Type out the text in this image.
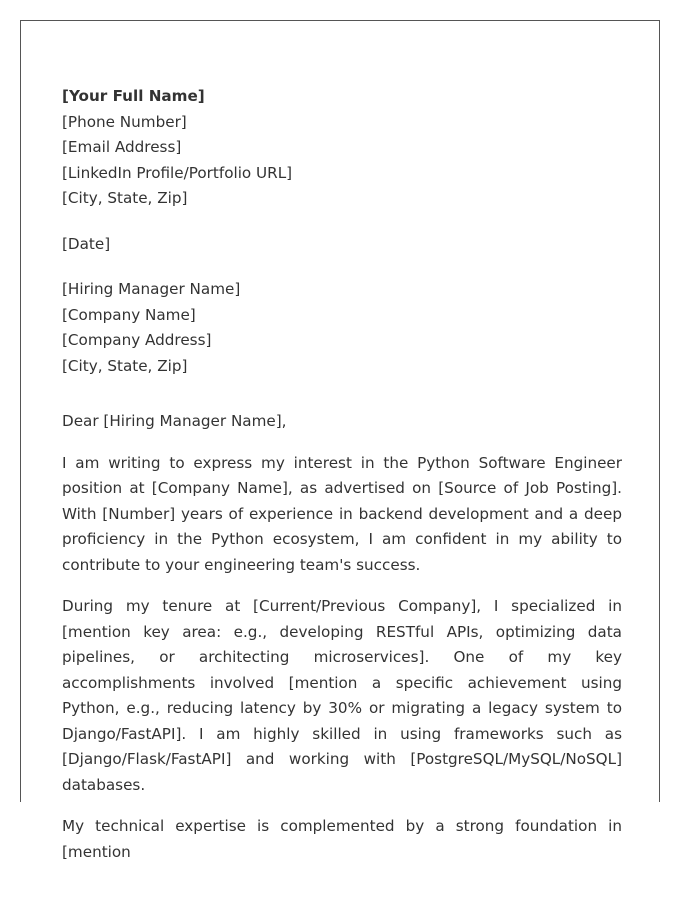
[Your Full Name]
[Phone Number]
[Email Address]
[LinkedIn Profile/Portfolio URL]
[City, State, Zip]
[Date]
[Hiring Manager Name]
[Company Name]
[Company Address]
[City, State, Zip]

Dear [Hiring Manager Name],

I am writing to express my interest in the Python Software Engineer position at [Company Name], as advertised on [Source of Job Posting]. With [Number] years of experience in backend development and a deep proficiency in the Python ecosystem, I am confident in my ability to contribute to your engineering team's success.

During my tenure at [Current/Previous Company], I specialized in [mention key area: e.g., developing RESTful APIs, optimizing data pipelines, or architecting microservices]. One of my key accomplishments involved [mention a specific achievement using Python, e.g., reducing latency by 30% or migrating a legacy system to Django/FastAPI]. I am highly skilled in using frameworks such as [Django/Flask/FastAPI] and working with [PostgreSQL/MySQL/NoSQL] databases.

My technical expertise is complemented by a strong foundation in [mention
